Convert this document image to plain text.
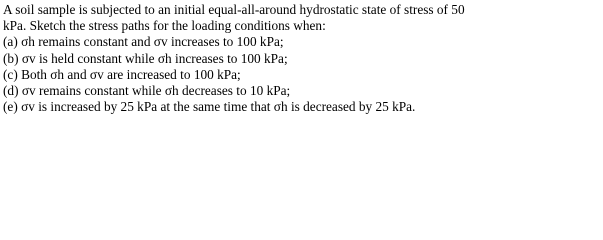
A soil sample is subjected to an initial equal-all-around hydrostatic state of stress of 50

kPa. Sketch the stress paths for the loading conditions when:

(a) σh remains constant and σv increases to 100 kPa;

(b) σv is held constant while σh increases to 100 kPa;

(c) Both σh and σv are increased to 100 kPa;

(d) σv remains constant while σh decreases to 10 kPa;

(e) σv is increased by 25 kPa at the same time that σh is decreased by 25 kPa.
